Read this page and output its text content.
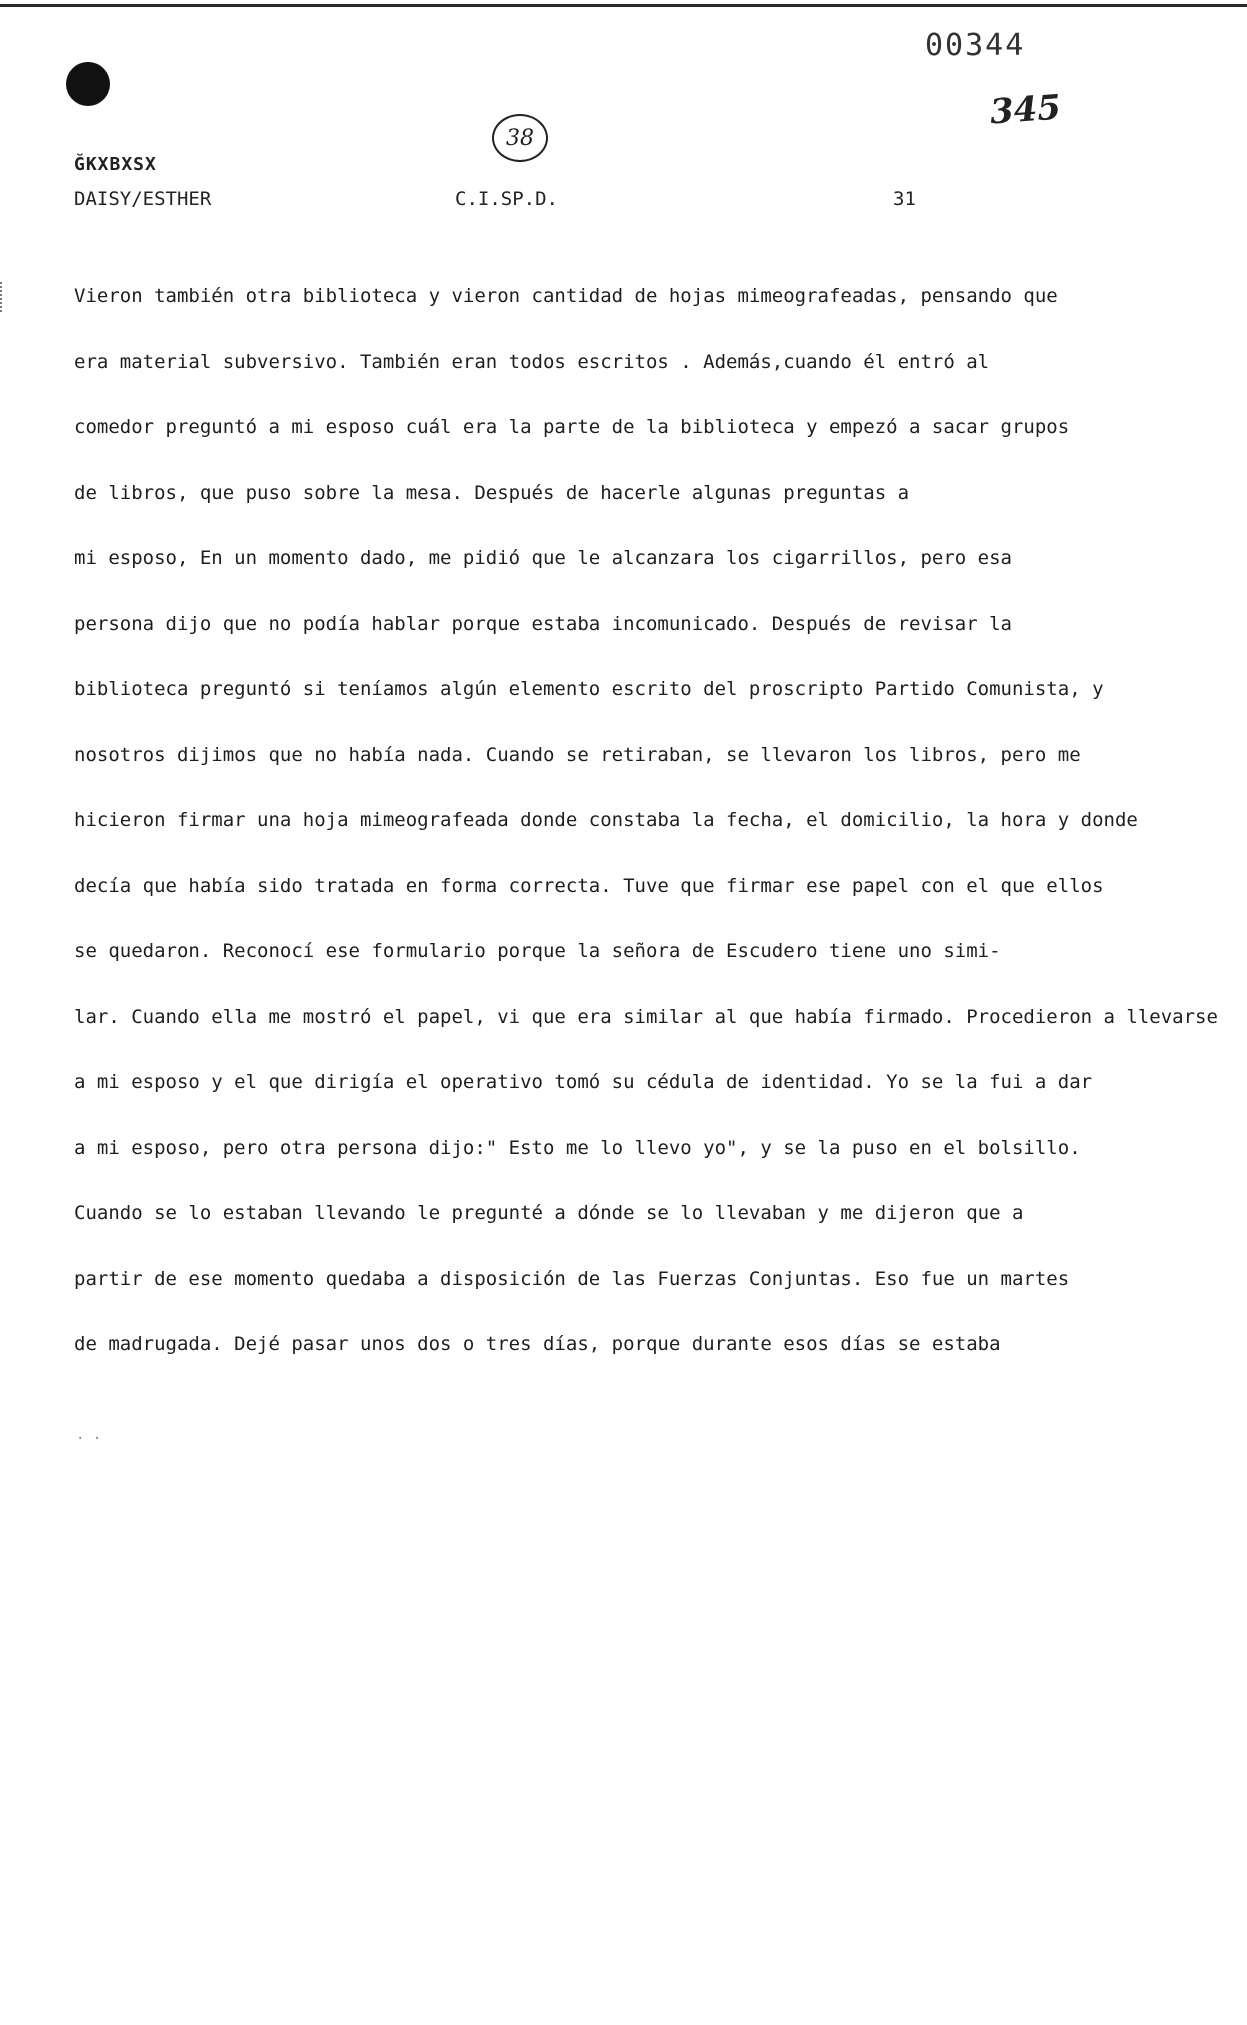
00344
345
38
ĞKXBXSX
DAISY/ESTHER	C.I.SP.D.	31
Vieron también otra biblioteca y vieron cantidad de hojas mimeografeadas, pensando que
era material subversivo. También eran todos escritos . Además,cuando él entró al
comedor preguntó a mi esposo cuál era la parte de la biblioteca y empezó a sacar grupos
de libros, que puso sobre la mesa. Después de hacerle algunas preguntas a
mi esposo, En un momento dado, me pidió que le alcanzara los cigarrillos, pero esa
persona dijo que no podía hablar porque estaba incomunicado. Después de revisar la
biblioteca preguntó si teníamos algún elemento escrito del proscripto Partido Comunista, y
nosotros dijimos que no había nada. Cuando se retiraban, se llevaron los libros, pero me
hicieron firmar una hoja mimeografeada donde constaba la fecha, el domicilio, la hora y donde
decía que había sido tratada en forma correcta. Tuve que firmar ese papel con el que ellos
se quedaron. Reconocí ese formulario porque la señora de Escudero tiene uno simi-
lar. Cuando ella me mostró el papel, vi que era similar al que había firmado. Procedieron a llevarse
a mi esposo y el que dirigía el operativo tomó su cédula de identidad. Yo se la fui a dar
a mi esposo, pero otra persona dijo:" Esto me lo llevo yo", y se la puso en el bolsillo.
Cuando se lo estaban llevando le pregunté a dónde se lo llevaban y me dijeron que a
partir de ese momento quedaba a disposición de las Fuerzas Conjuntas. Eso fue un martes
de madrugada. Dejé pasar unos dos o tres días, porque durante esos días se estaba
. .
